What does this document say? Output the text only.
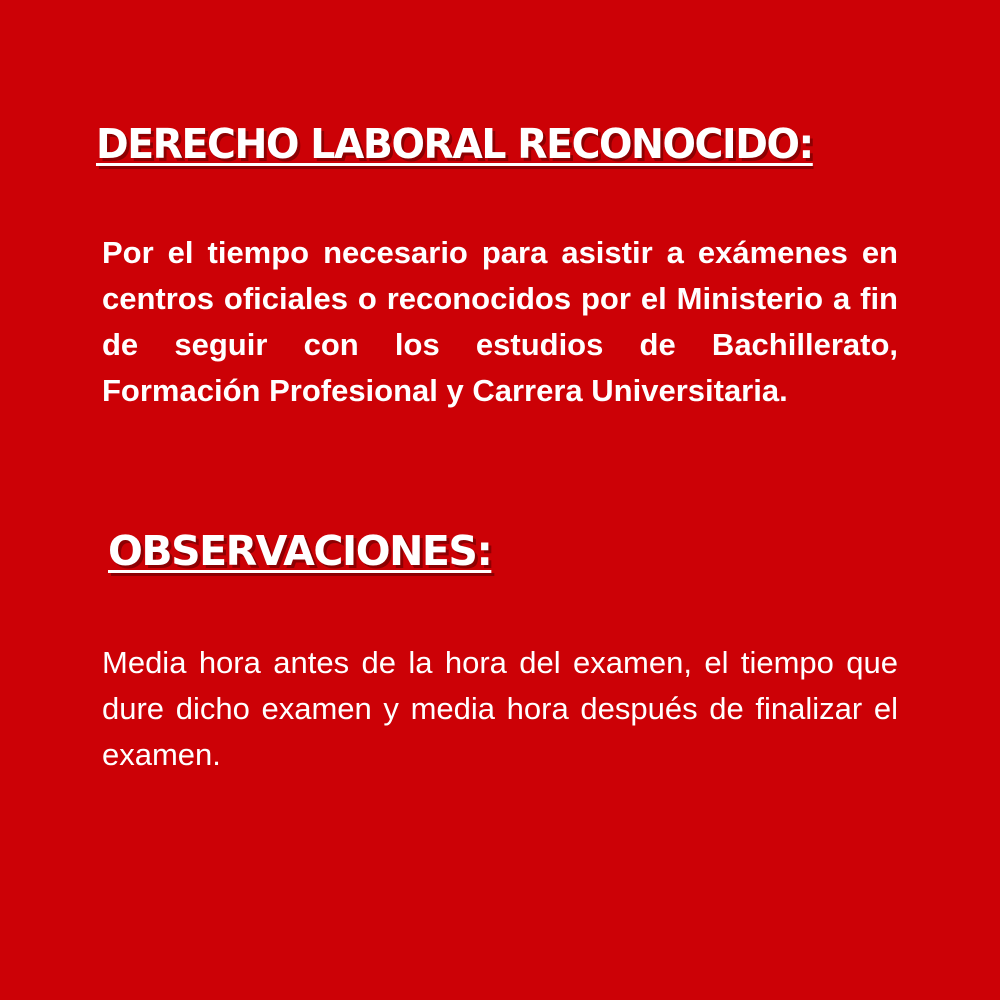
DERECHO LABORAL RECONOCIDO:

Por el tiempo necesario para asistir a exámenes en centros oficiales o reconocidos por el Ministerio a fin de seguir con los estudios de Bachillerato, Formación Profesional y Carrera Universitaria.

OBSERVACIONES:

Media hora antes de la hora del examen, el tiempo que dure dicho examen y media hora después de finalizar el examen.
